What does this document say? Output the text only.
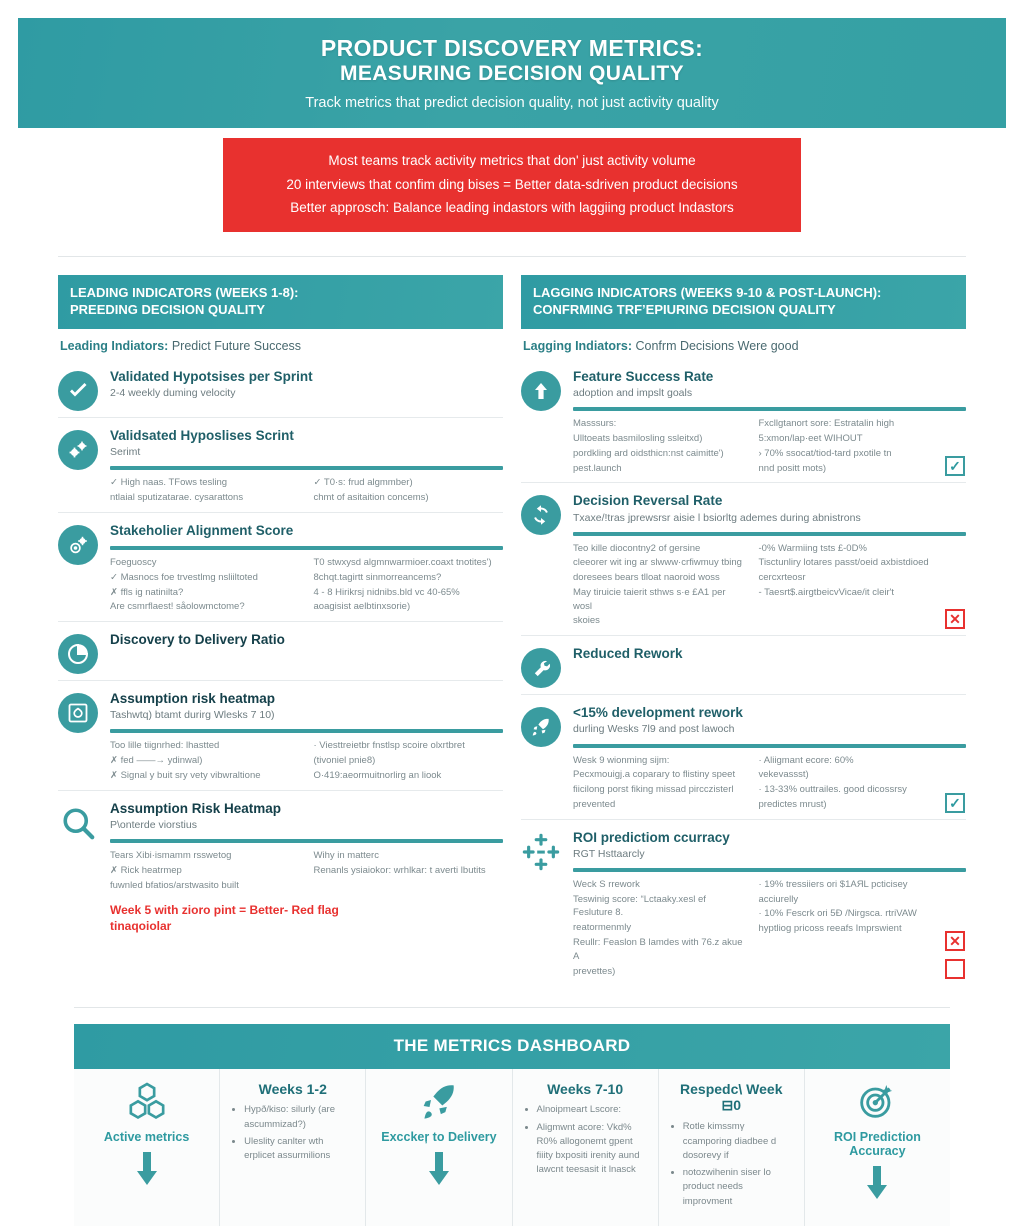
PRODUCT DISCOVERY METRICS:
MEASURING DECISION QUALITY
Track metrics that predict decision quality, not just activity quality
Most teams track activity metrics that don' just activity volume
20 interviews that confim ding bises = Better data-sdriven product decisions
Better approsch: Balance leading indastors with laggiing product Indastors
LEADING INDICATORS (WEEKS 1-8):
PREEDING DECISION QUALITY
Leading Indiators: Predict Future Success
Validated Hypotsises per Sprint
2-4 weekly duming velocity
Validsated Hyposlises Scrint
Serimt

✓ High naas. TFows tesling

ntlaial sputizatarae. cysarattons

✓ T0·s: frud algmmber)

chmt of asitaition concems)

Stakeholier Alignment Score

Foeguoscy

✓ Masnocs foe trvestlmg nsliiltoted

✗ ffls ig natinilta?

Are csmrflaest! såolowmctome?

T0 stwxysd algmnwarmioer.coaxt tnotites')

8chqt.tagirtt sinmorreancems?

4 - 8 Hirikrsj nidnibs.bld vc 40-65%

aoagisist aelbtinxsorie)

Discovery to Delivery Ratio
Assumption risk heatmap
Tashwtq) btamt durirg Wlesks 7 10)

Too lille tiignrhed: lhastted

✗ fed ——→ ydinwal)

✗ Signal y buit sry vety vibwraltione

· Viesttreietbr fnstlsp scoire olxrtbret

(tivoniel pnie8)

O·419:aeormuitnorlirg an liook

Assumption Risk Heatmap
P\onterde viorstius

Tears Xibi·ismamm rsswetog

✗ Rick heatrmep

fuwnled bfatios/arstwasito built

Wihy in matterc

Renanls ysiaiokor: wrhlkar: t averti lbutits

Week 5 with zioro pint = Better- Red flag
tinaqoiolar
LAGGING INDICATORS (WEEKS 9-10 & POST-LAUNCH):
CONFRMING TRF’EPIURING DECISION QUALITY
Lagging Indiators: Confrm Decisions Were good
Feature Success Rate
adoption and impslt goals

Masssurs:

Ulltoeats basmilosling ssleitxd)

pordkling ard oidsthicn:nst caimitte')

pest.launch

Fxcllgtanort sore: Estratalin high

5:xmon/lap·eet WIHOUT

› 70% ssocat/tiod-tard pxotile tn

nnd positt mots)	✓
Decision Reversal Rate
Txaxe/!tras jprewsrsr aisie l bsiorltg ademes during abnistrons

Teo kille diocontny2 of gersine

cleeorer wit ing ar slwww·crfiwmuy tbing

doresees bears tlloat naoroid woss

May tiruicie taierit sthws s·e £A1 per wosl

skoies

-0% Warmiing tsts £-0D%

Tisctunliry lotares passt/oeid axbistdioed

cercxrteosr

- Taesrt$.airgtbeicvVicae/it cleir't

✕
Reduced Rework
<15% development rework
durling Wesks 7l9 and post lawoch

Wesk 9 wionming sijm:

Pecxmouigj.a coparary to flistiny speet

fiicilong porst fiking missad pircczisterl

prevented

· Aliigmant ecore: 60%

vekevassst)

· 13-33% outtrailes. good dicossrsy

predictes mrust)	✓
ROI predictiom ccurracy
RGT Hsttaarcly

Weck S rrework

Teswinig score: “Lctaaky.xesl ef Fesluture 8.

reatormenmly

Reullr: Feaslon B lamdes with 76.z akue A

prevettes)

· 19% tressiiers ori $1AЯL pcticisey

acciurelly

· 10% Fescrk ori 5Ɖ /Nirgsca. rtriVAW

hyptliog pricoss reeafs Imprswient

✕
THE METRICS DASHBOARD
Active metrics
Weeks 1-2
• Hypð/kiso: silurly (are ascummizad?)
• Uleslity canlter wth erplicet assurmilions
Excckeŗ to Delivery
Weeks 7-10
• Alnoipmeart Lscore:
• Aligmwnt acore: Vkd% R0% allogonemt gpent fiiity bxpositi irenity aund lawcnt teesasit it lnasck
Respedc\ Week ⊟0
• Rotle kimssmγ ccamporing diadbee d dosorevy if
• notozwihenin siser lo product needs improvment
ROI Prediction Accuracy
